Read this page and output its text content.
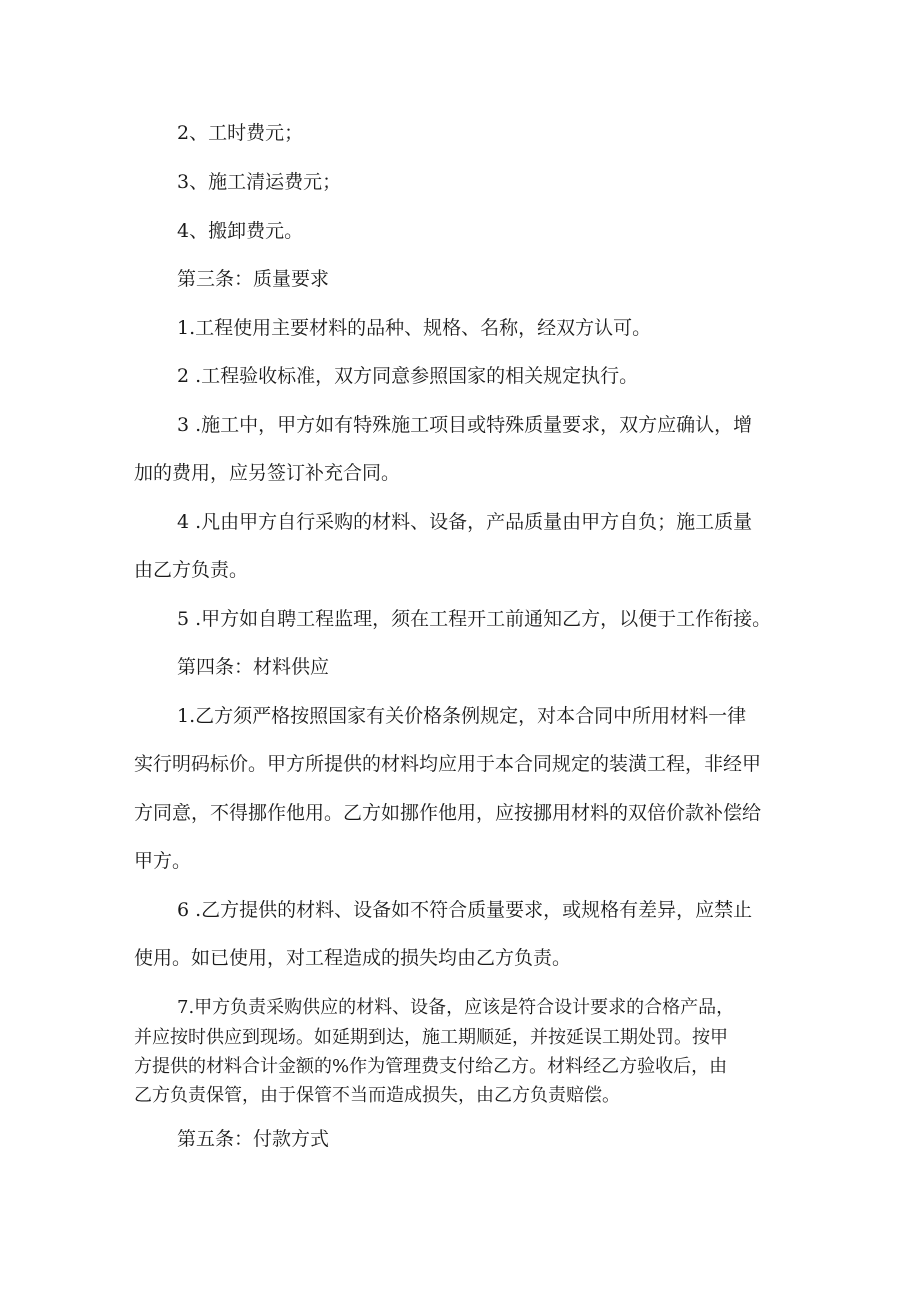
2、工时费元；
3、施工清运费元；
4、搬卸费元。
第三条：质量要求
1.工程使用主要材料的品种、规格、名称，经双方认可。
2 .工程验收标准，双方同意参照国家的相关规定执行。
3 .施工中，甲方如有特殊施工项目或特殊质量要求，双方应确认，增
加的费用，应另签订补充合同。
4 .凡由甲方自行采购的材料、设备，产品质量由甲方自负；施工质量
由乙方负责。
5 .甲方如自聘工程监理，须在工程开工前通知乙方，以便于工作衔接。
第四条：材料供应
1.乙方须严格按照国家有关价格条例规定，对本合同中所用材料一律
实行明码标价。甲方所提供的材料均应用于本合同规定的装潢工程，非经甲
方同意，不得挪作他用。乙方如挪作他用，应按挪用材料的双倍价款补偿给
甲方。
6 .乙方提供的材料、设备如不符合质量要求，或规格有差异，应禁止
使用。如已使用，对工程造成的损失均由乙方负责。
7.甲方负责采购供应的材料、设备，应该是符合设计要求的合格产品，
并应按时供应到现场。如延期到达，施工期顺延，并按延误工期处罚。按甲
方提供的材料合计金额的%作为管理费支付给乙方。材料经乙方验收后，由
乙方负责保管，由于保管不当而造成损失，由乙方负责赔偿。
第五条：付款方式
